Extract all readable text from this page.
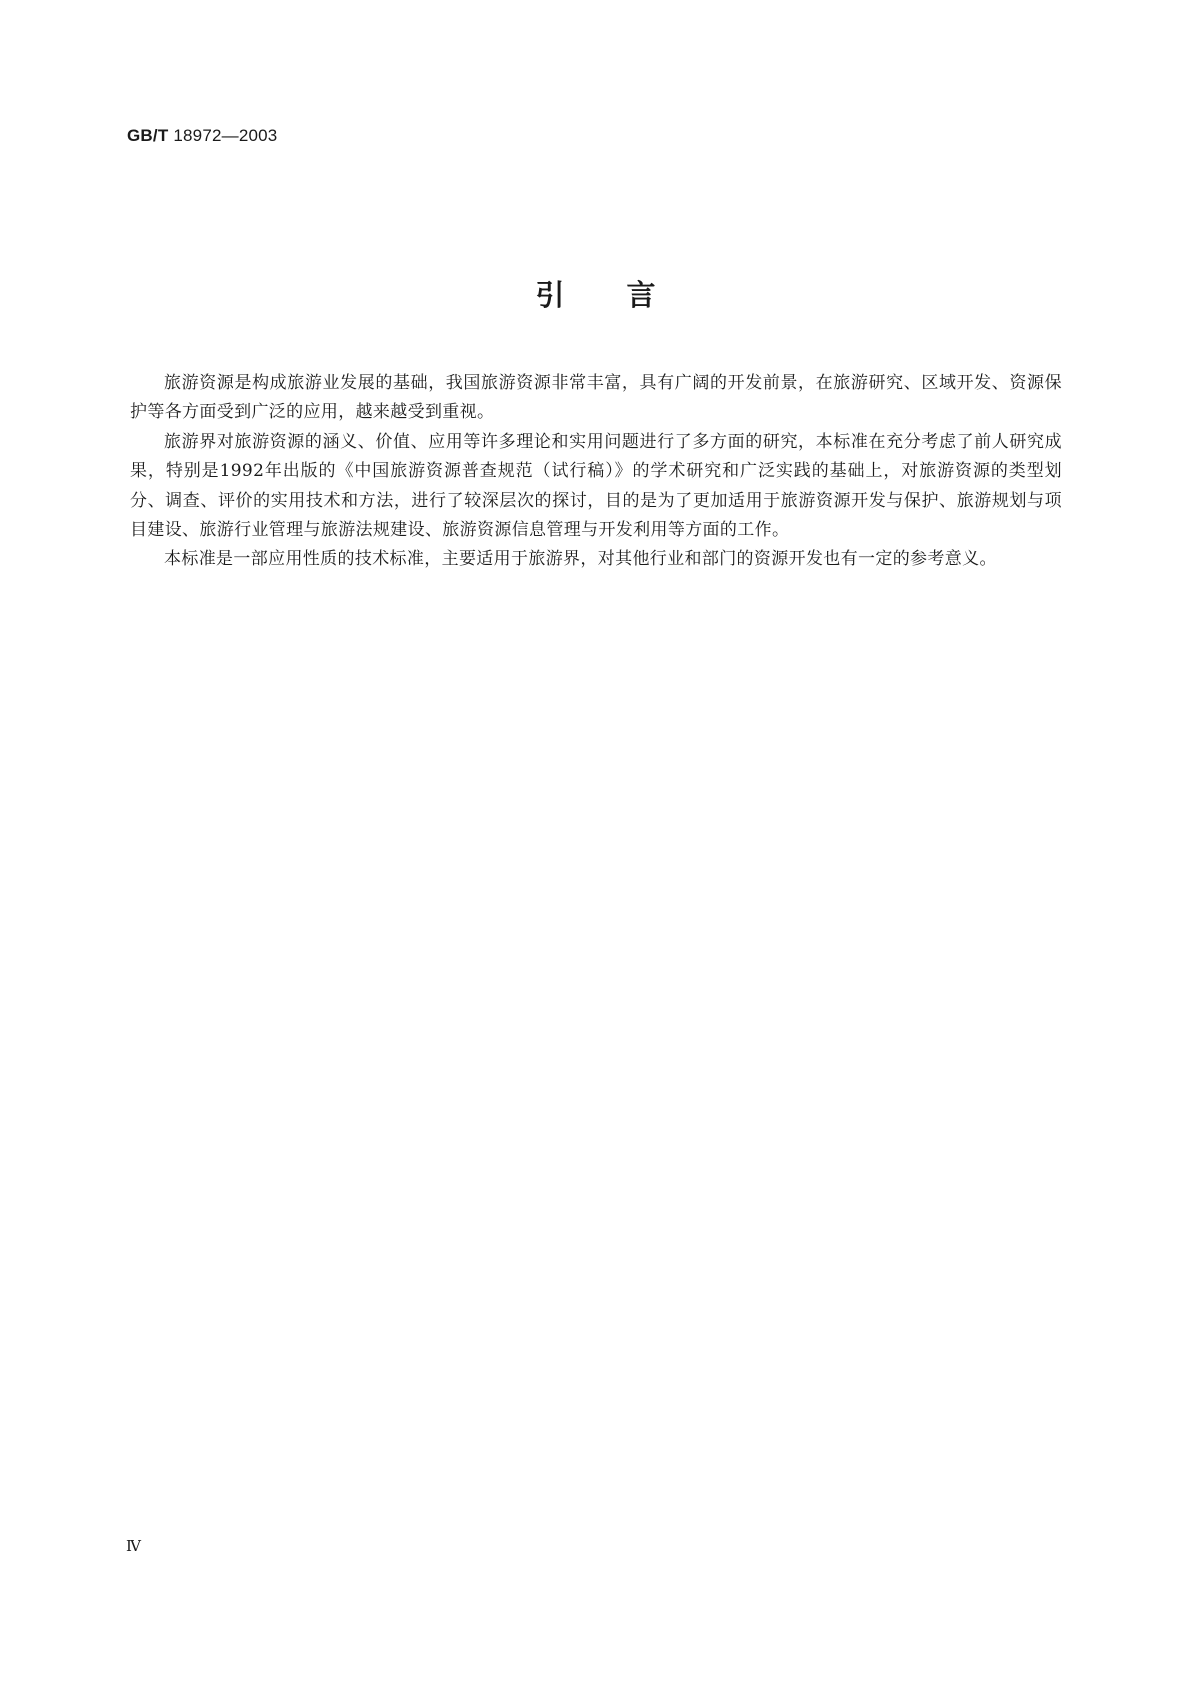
GB/T 18972—2003
引 言

旅游资源是构成旅游业发展的基础，我国旅游资源非常丰富，具有广阔的开发前景，在旅游研究、区域开发、资源保护等各方面受到广泛的应用，越来越受到重视。

旅游界对旅游资源的涵义、价值、应用等许多理论和实用问题进行了多方面的研究，本标准在充分考虑了前人研究成果，特别是1992年出版的《中国旅游资源普查规范（试行稿）》的学术研究和广泛实践的基础上，对旅游资源的类型划分、调查、评价的实用技术和方法，进行了较深层次的探讨，目的是为了更加适用于旅游资源开发与保护、旅游规划与项目建设、旅游行业管理与旅游法规建设、旅游资源信息管理与开发利用等方面的工作。

本标准是一部应用性质的技术标准，主要适用于旅游界，对其他行业和部门的资源开发也有一定的参考意义。

Ⅳ
